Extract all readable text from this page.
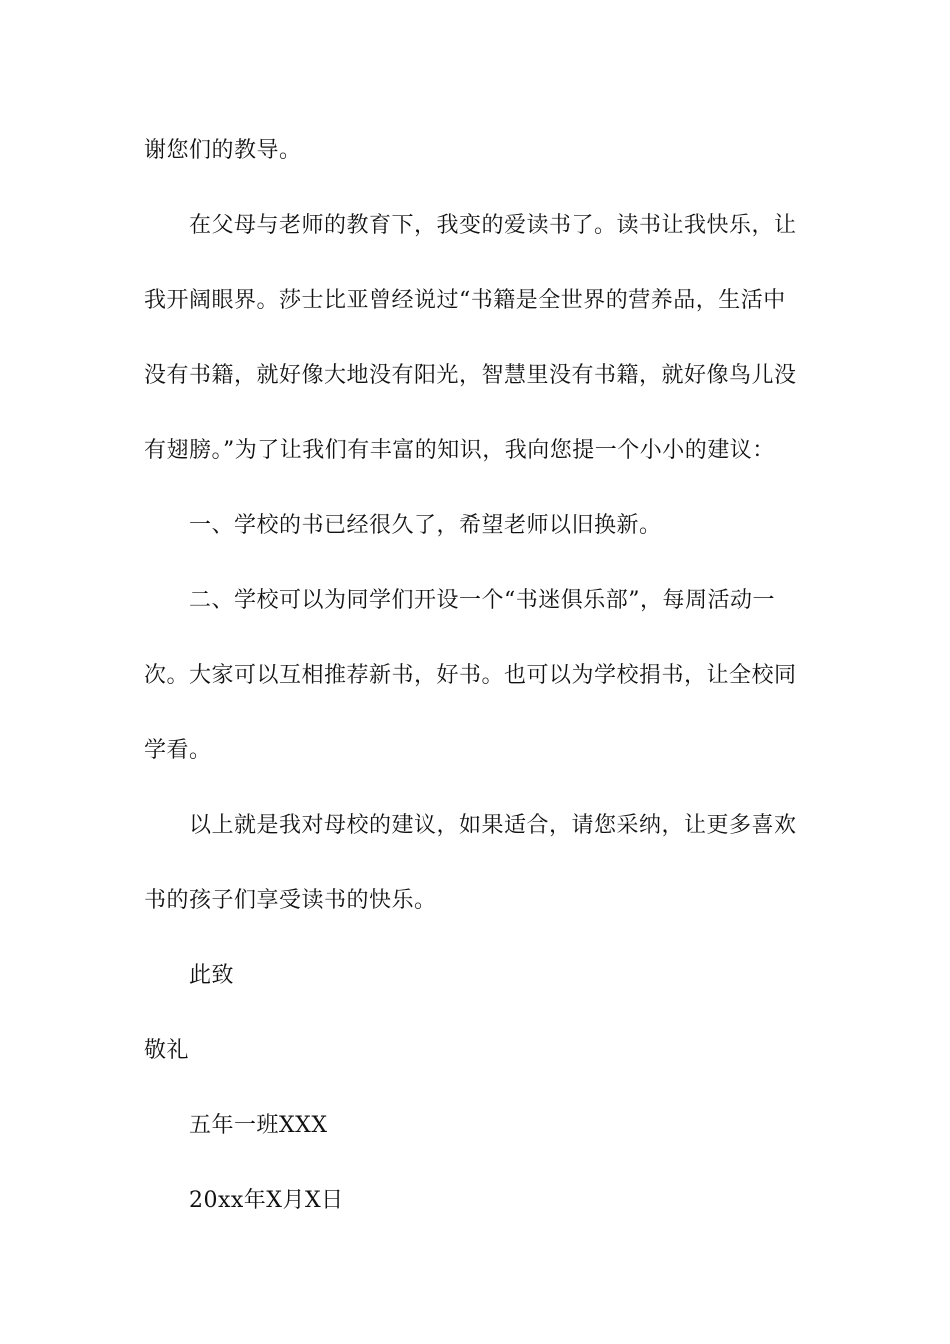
谢您们的教导。
在父母与老师的教育下，我变的爱读书了。读书让我快乐，让
我开阔眼界。莎士比亚曾经说过“书籍是全世界的营养品，生活中
没有书籍，就好像大地没有阳光，智慧里没有书籍，就好像鸟儿没
有翅膀。”为了让我们有丰富的知识，我向您提一个小小的建议：
一、学校的书已经很久了，希望老师以旧换新。
二、学校可以为同学们开设一个“书迷俱乐部”，每周活动一
次。大家可以互相推荐新书，好书。也可以为学校捐书，让全校同
学看。
以上就是我对母校的建议，如果适合，请您采纳，让更多喜欢
书的孩子们享受读书的快乐。
此致
敬礼
五年一班XXX
20xx年X月X日
